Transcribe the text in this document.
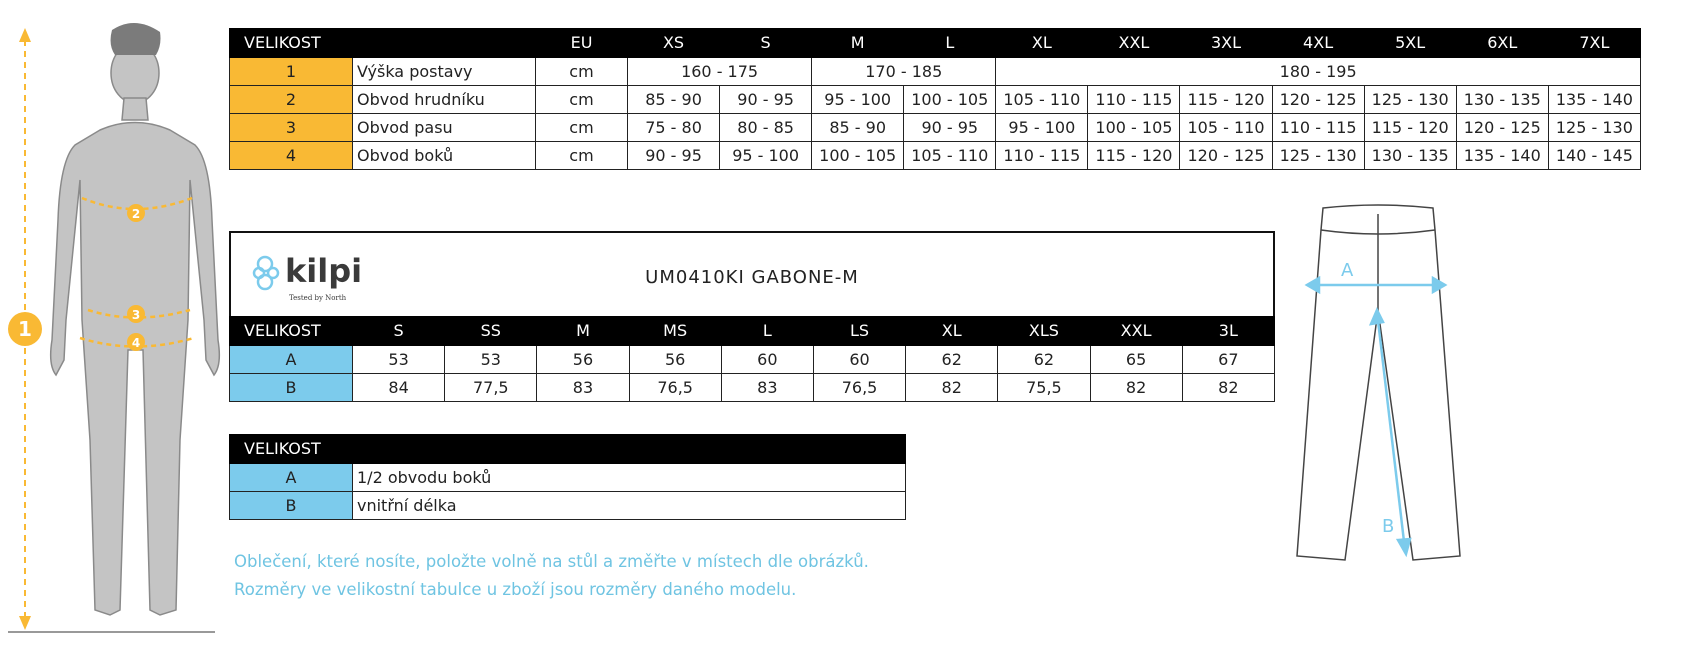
1
2
3
4
VELIKOST		EU	XS	S	M	L	XL	XXL	3XL	4XL	5XL	6XL	7XL
1	Výška postavy	cm	160 - 175		170 - 185		180 - 195						
2	Obvod hrudníku	cm	85 - 90	90 - 95	95 - 100	100 - 105	105 - 110	110 - 115	115 - 120	120 - 125	125 - 130	130 - 135	135 - 140
3	Obvod pasu	cm	75 - 80	80 - 85	85 - 90	90 - 95	95 - 100	100 - 105	105 - 110	110 - 115	115 - 120	120 - 125	125 - 130
4	Obvod boků	cm	90 - 95	95 - 100	100 - 105	105 - 110	110 - 115	115 - 120	120 - 125	125 - 130	130 - 135	135 - 140	140 - 145
kilpi
Tested by North
UM0410KI GABONE-M
VELIKOST	S	SS	M	MS	L	LS	XL	XLS	XXL	3L
A	53	53	56	56	60	60	62	62	65	67
B	84	77,5	83	76,5	83	76,5	82	75,5	82	82
VELIKOST	
A	1/2 obvodu boků
B	vnitřní délka
Oblečení, které nosíte, položte volně na stůl a změřte v místech dle obrázků.
Rozměry ve velikostní tabulce u zboží jsou rozměry daného modelu.
A
B
